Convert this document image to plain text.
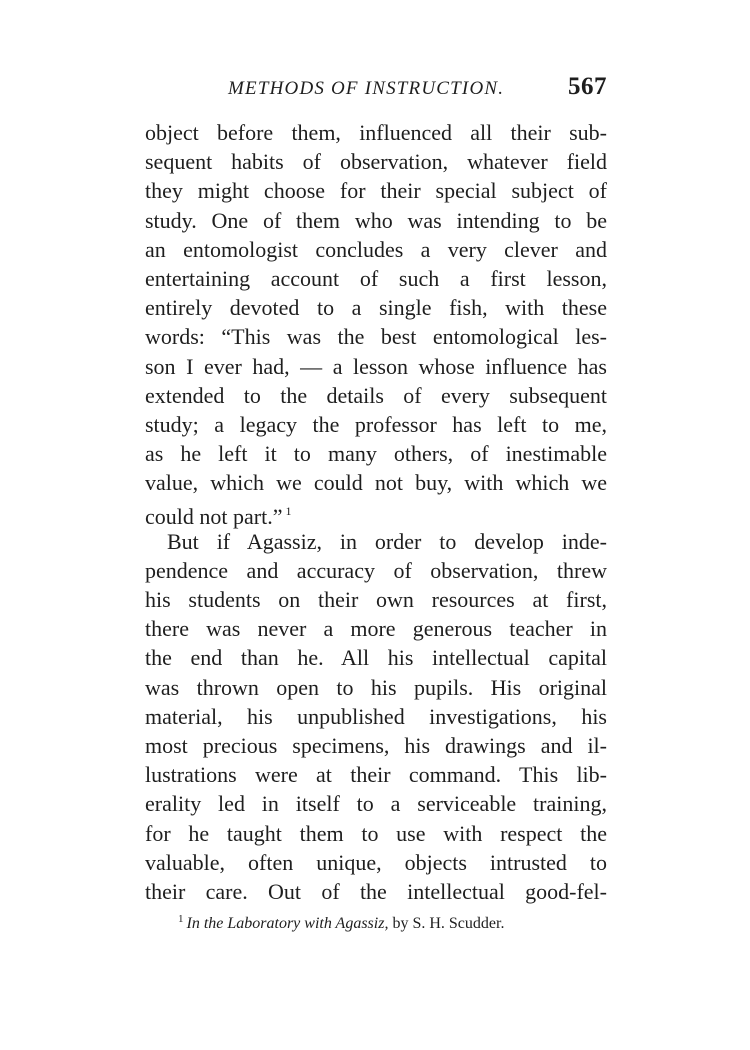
METHODS OF INSTRUCTION.	567
object before them, influenced all their sub-
sequent habits of observation, whatever field
they might choose for their special subject of
study. One of them who was intending to be
an entomologist concludes a very clever and
entertaining account of such a first lesson,
entirely devoted to a single fish, with these
words: “This was the best entomological les-
son I ever had, — a lesson whose influence has
extended to the details of every subsequent
study; a legacy the professor has left to me,
as he left it to many others, of inestimable
value, which we could not buy, with which we
could not part.” $^1$
But if Agassiz, in order to develop inde-
pendence and accuracy of observation, threw
his students on their own resources at first,
there was never a more generous teacher in
the end than he. All his intellectual capital
was thrown open to his pupils. His original
material, his unpublished investigations, his
most precious specimens, his drawings and il-
lustrations were at their command. This lib-
erality led in itself to a serviceable training,
for he taught them to use with respect the
valuable, often unique, objects intrusted to
their care. Out of the intellectual good-fel-
$^1$ In the Laboratory with Agassiz, by S. H. Scudder.
